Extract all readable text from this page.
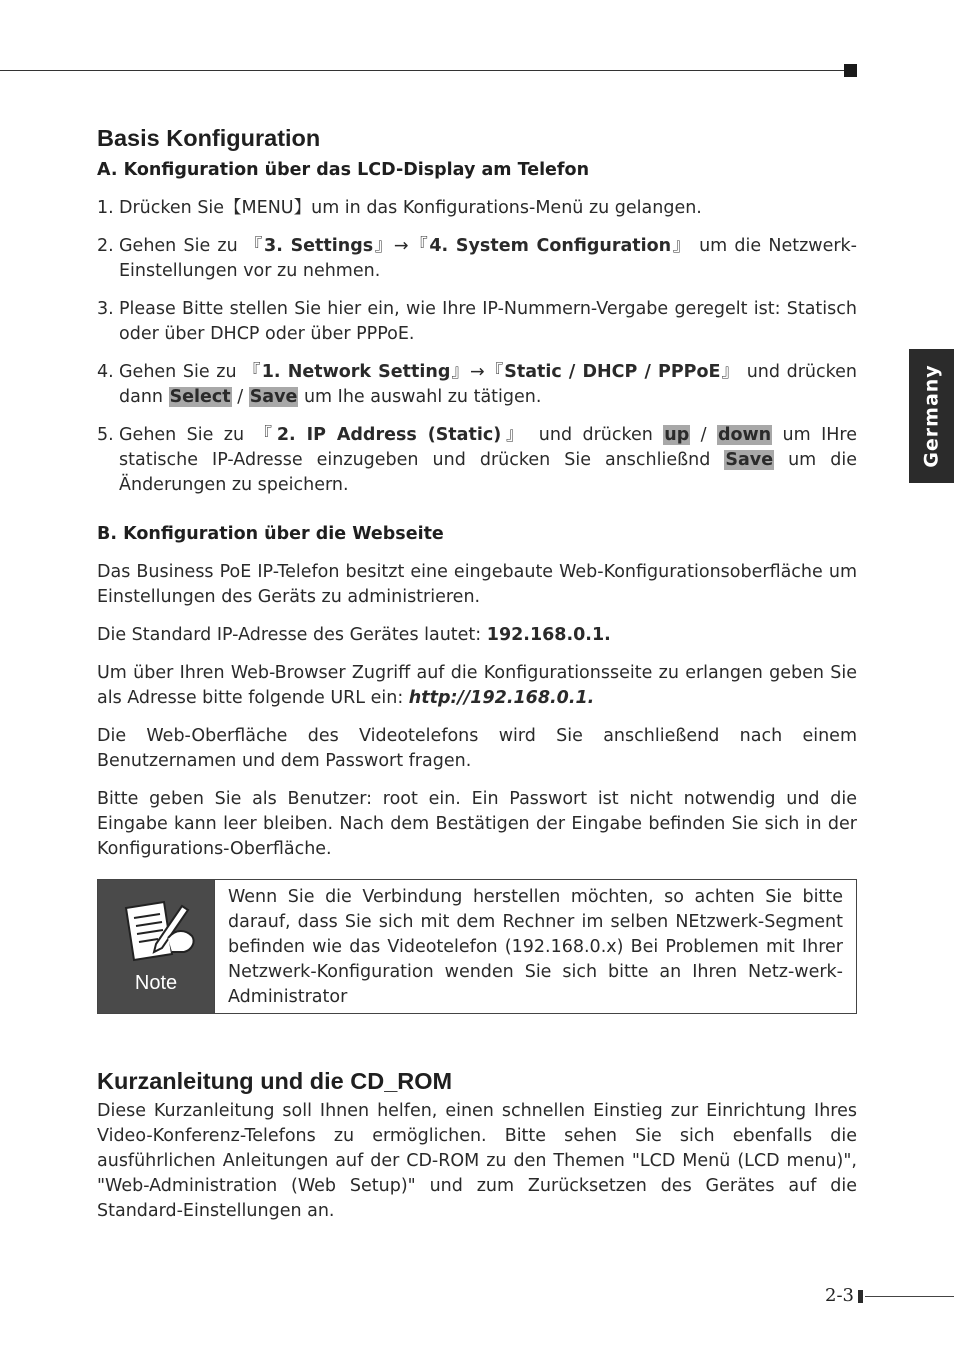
Germany
Basis Konfiguration
A. Konfiguration über das LCD-Display am Telefon
1. Drücken Sie【MENU】um in das Konfigurations-Menü zu gelangen.
2. Gehen Sie zu 『3. Settings』→『4. System Configuration』 um die Netzwerk-Einstellungen vor zu nehmen.
3. Please Bitte stellen Sie hier ein, wie Ihre IP-Nummern-Vergabe geregelt ist: Statisch oder über DHCP oder über PPPoE.
4. Gehen Sie zu 『1. Network Setting』→『Static / DHCP / PPPoE』 und drücken dann Select / Save um Ihe auswahl zu tätigen.
5. Gehen Sie zu 『2. IP Address (Static)』 und drücken up / down um IHre statische IP-Adresse einzugeben und drücken Sie anschließnd Save um die Änderungen zu speichern.
B. Konfiguration über die Webseite

Das Business PoE IP-Telefon besitzt eine eingebaute Web-Konfigurationsoberfläche um Einstellungen des Geräts zu administrieren.

Die Standard IP-Adresse des Gerätes lautet: 192.168.0.1.

Um über Ihren Web-Browser Zugriff auf die Konfigurationsseite zu erlangen geben Sie als Adresse bitte folgende URL ein: http://192.168.0.1.

Die Web-Oberfläche des Videotelefons wird Sie anschließend nach einem Benutzernamen und dem Passwort fragen.

Bitte geben Sie als Benutzer: root ein. Ein Passwort ist nicht notwendig und die Eingabe kann leer bleiben. Nach dem Bestätigen der Eingabe befinden Sie sich in der Konfigurations-Oberfläche.

Note
Wenn Sie die Verbindung herstellen möchten, so achten Sie bitte darauf, dass Sie sich mit dem Rechner im selben NEtzwerk-Segment befinden wie das Videotelefon (192.168.0.x) Bei Problemen mit Ihrer Netzwerk-Konfiguration wenden Sie sich bitte an Ihren Netz-werk-Administrator
Kurzanleitung und die CD_ROM

Diese Kurzanleitung soll Ihnen helfen, einen schnellen Einstieg zur Einrichtung Ihres Video-Konferenz-Telefons zu ermöglichen. Bitte sehen Sie sich ebenfalls die ausführlichen Anleitungen auf der CD-ROM zu den Themen "LCD Menü (LCD menu)", "Web-Administration (Web Setup)" und zum Zurücksetzen des Gerätes auf die Standard-Einstellungen an.

2-3
